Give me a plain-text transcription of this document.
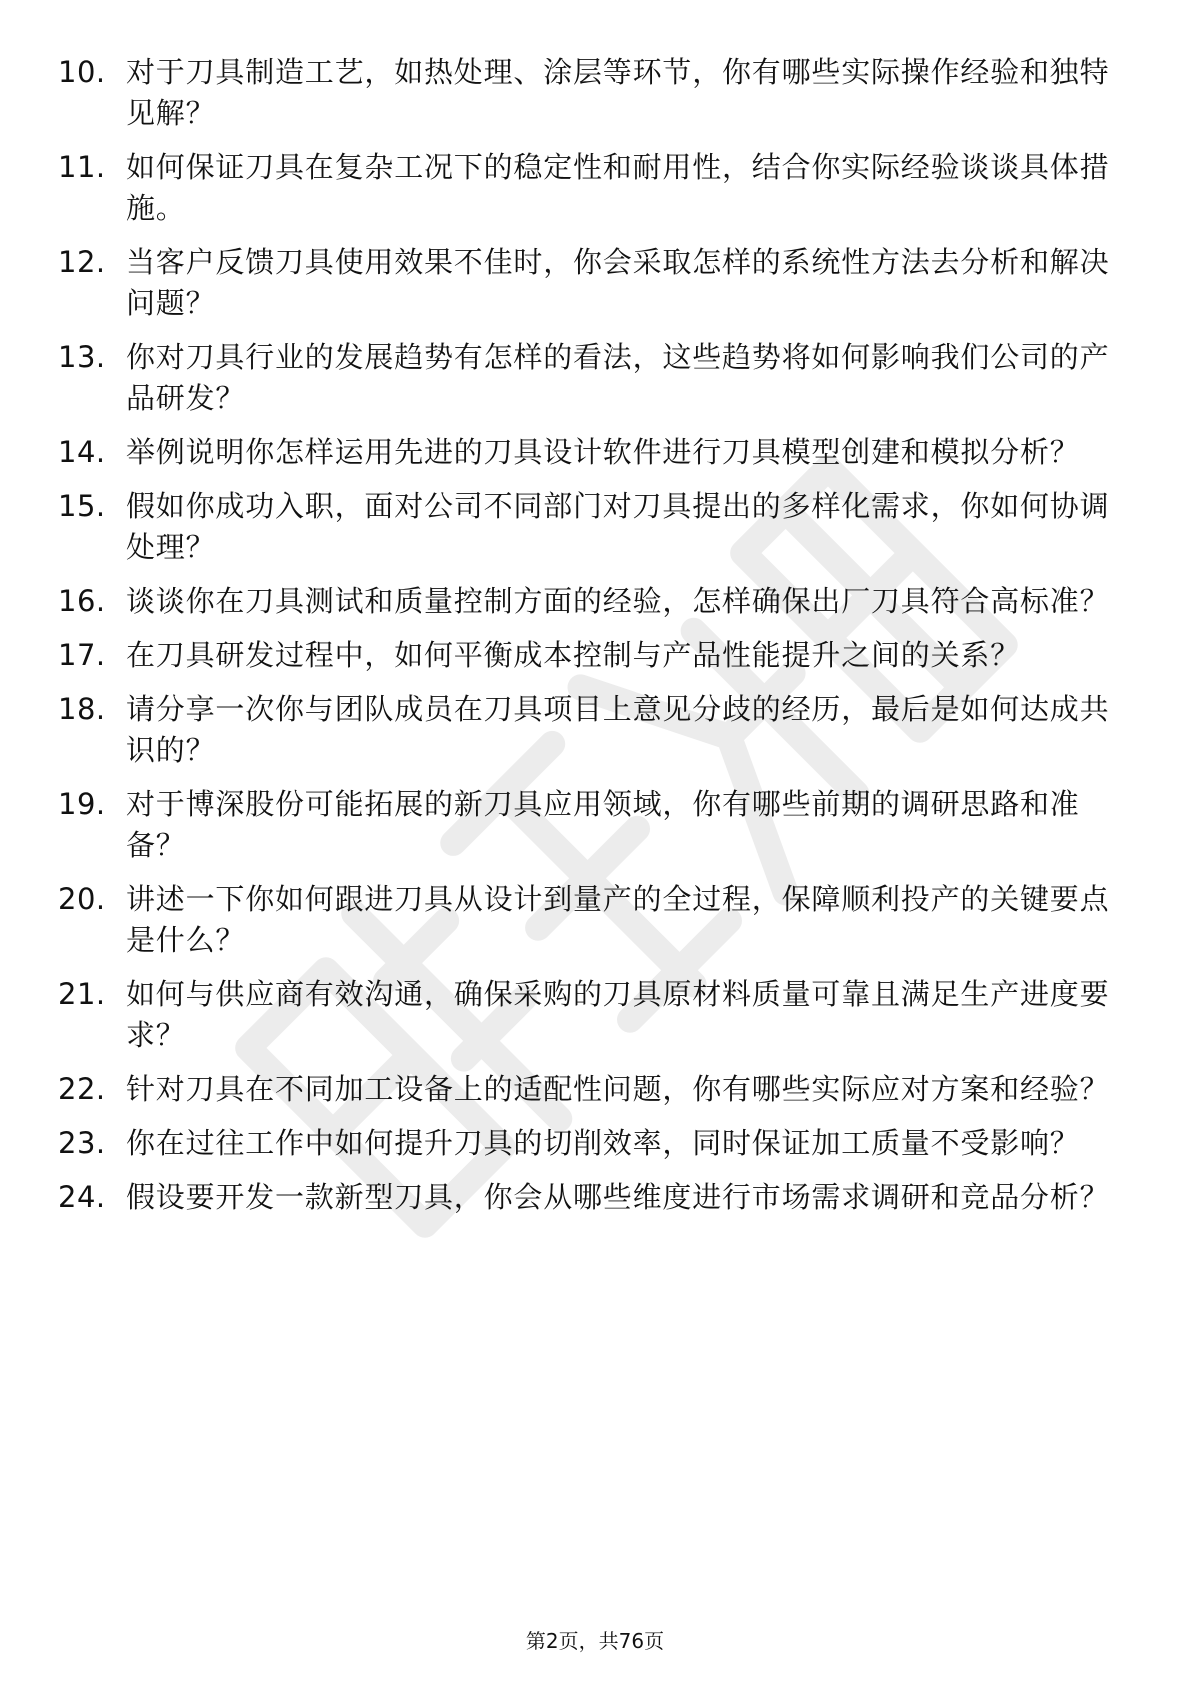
10. 对于刀具制造工艺，如热处理、涂层等环节，你有哪些实际操作经验和独特见解？
11. 如何保证刀具在复杂工况下的稳定性和耐用性，结合你实际经验谈谈具体措施。
12. 当客户反馈刀具使用效果不佳时，你会采取怎样的系统性方法去分析和解决问题？
13. 你对刀具行业的发展趋势有怎样的看法，这些趋势将如何影响我们公司的产品研发？
14. 举例说明你怎样运用先进的刀具设计软件进行刀具模型创建和模拟分析？
15. 假如你成功入职，面对公司不同部门对刀具提出的多样化需求，你如何协调处理？
16. 谈谈你在刀具测试和质量控制方面的经验，怎样确保出厂刀具符合高标准？
17. 在刀具研发过程中，如何平衡成本控制与产品性能提升之间的关系？
18. 请分享一次你与团队成员在刀具项目上意见分歧的经历，最后是如何达成共识的？
19. 对于博深股份可能拓展的新刀具应用领域，你有哪些前期的调研思路和准备？
20. 讲述一下你如何跟进刀具从设计到量产的全过程，保障顺利投产的关键要点是什么？
21. 如何与供应商有效沟通，确保采购的刀具原材料质量可靠且满足生产进度要求？
22. 针对刀具在不同加工设备上的适配性问题，你有哪些实际应对方案和经验？
23. 你在过往工作中如何提升刀具的切削效率，同时保证加工质量不受影响？
24. 假设要开发一款新型刀具，你会从哪些维度进行市场需求调研和竞品分析？
第2页，共76页
